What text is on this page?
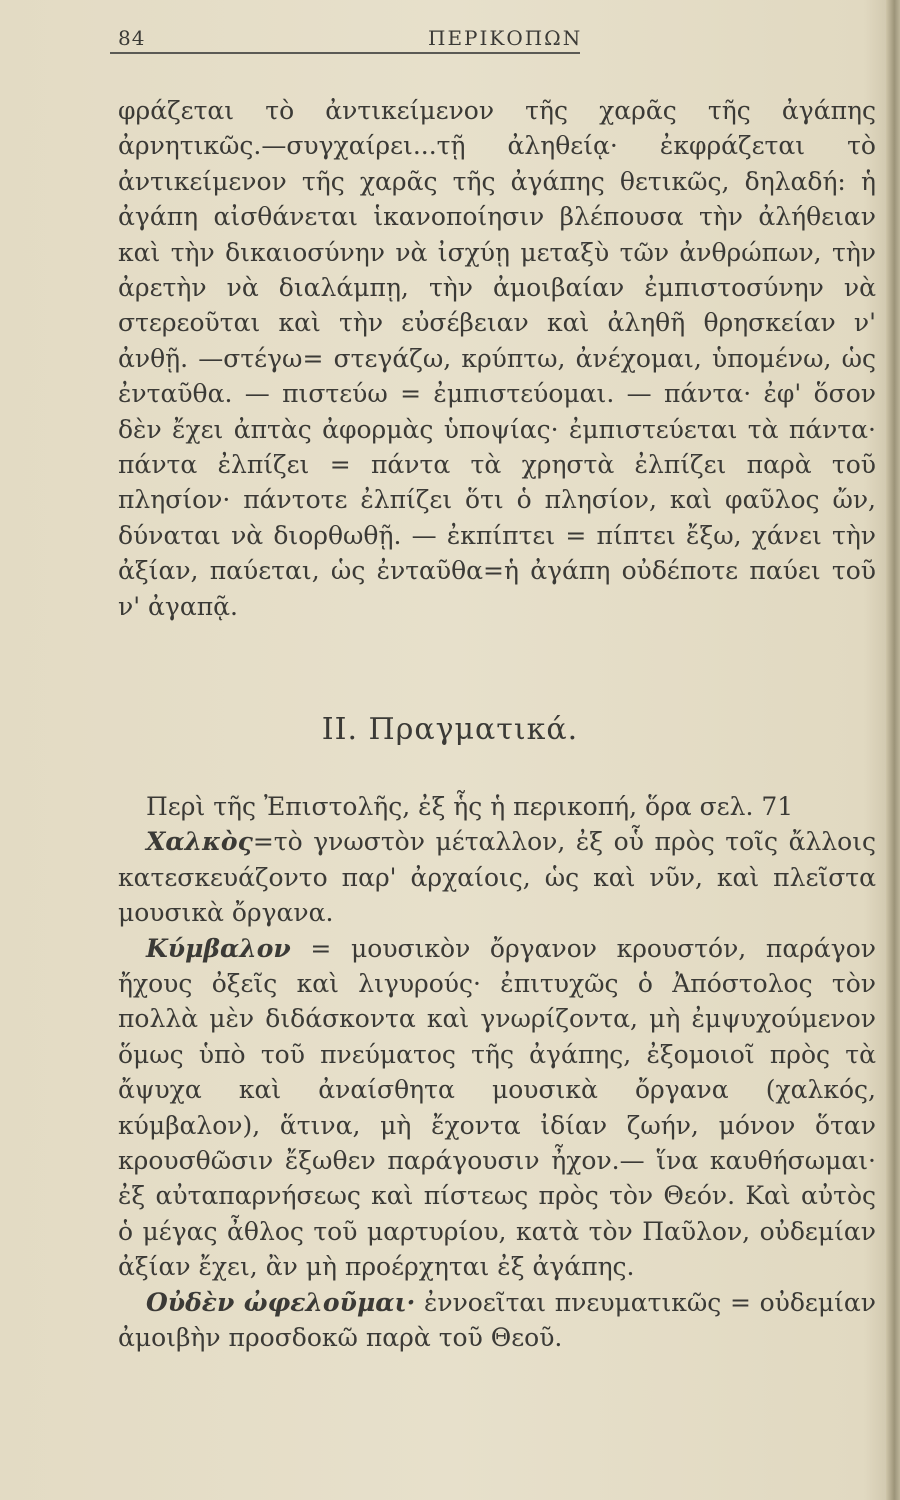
84	ΠΕΡΙΚΟΠΩΝ

φράζεται τὸ ἀντικείμενον τῆς χαρᾶς τῆς ἀγάπης ἀρνητικῶς.—συγχαίρει...τῇ ἀληθείᾳ· ἐκφράζεται τὸ ἀντικείμενον τῆς χαρᾶς τῆς ἀγάπης θετικῶς, δηλαδή: ἡ ἀγάπη αἰσθάνεται ἱκανοποίησιν βλέπουσα τὴν ἀλήθειαν καὶ τὴν δικαιοσύνην νὰ ἰσχύῃ μεταξὺ τῶν ἀνθρώπων, τὴν ἀρετὴν νὰ διαλάμπῃ, τὴν ἀμοιβαίαν ἐμπιστοσύνην νὰ στερεοῦται καὶ τὴν εὐσέβειαν καὶ ἀληθῆ θρησκείαν ν' ἀνθῇ. —στέγω= στεγάζω, κρύπτω, ἀνέχομαι, ὑπομένω, ὡς ἐνταῦθα. — πιστεύω = ἐμπιστεύομαι. — πάντα· ἐφ' ὅσον δὲν ἔχει ἀπτὰς ἀφορμὰς ὑποψίας· ἐμπιστεύεται τὰ πάντα· πάντα ἐλπίζει = πάντα τὰ χρηστὰ ἐλπίζει παρὰ τοῦ πλησίον· πάντοτε ἐλπίζει ὅτι ὁ πλησίον, καὶ φαῦλος ὤν, δύναται νὰ διορθωθῇ. — ἐκπίπτει = πίπτει ἔξω, χάνει τὴν ἀξίαν, παύεται, ὡς ἐνταῦθα=ἡ ἀγάπη οὐδέποτε παύει τοῦ ν' ἀγαπᾷ.

ΙΙ. Πραγματικά.

Περὶ τῆς Ἐπιστολῆς, ἐξ ἧς ἡ περικοπή, ὅρα σελ. 71

Χαλκὸς=τὸ γνωστὸν μέταλλον, ἐξ οὗ πρὸς τοῖς ἄλλοις κατεσκευάζοντο παρ' ἀρχαίοις, ὡς καὶ νῦν, καὶ πλεῖστα μουσικὰ ὄργανα.

Κύμβαλον = μουσικὸν ὄργανον κρουστόν, παράγον ἤχους ὀξεῖς καὶ λιγυρούς· ἐπιτυχῶς ὁ Ἀπόστολος τὸν πολλὰ μὲν διδάσκοντα καὶ γνωρίζοντα, μὴ ἐμψυχούμενον ὅμως ὑπὸ τοῦ πνεύματος τῆς ἀγάπης, ἐξομοιοῖ πρὸς τὰ ἄψυχα καὶ ἀναίσθητα μουσικὰ ὄργανα (χαλκός, κύμβαλον), ἅτινα, μὴ ἔχοντα ἰδίαν ζωήν, μόνον ὅταν κρουσθῶσιν ἔξωθεν παράγουσιν ἦχον.— ἵνα καυθήσωμαι· ἐξ αὐταπαρνήσεως καὶ πίστεως πρὸς τὸν Θεόν. Καὶ αὐτὸς ὁ μέγας ἆθλος τοῦ μαρτυρίου, κατὰ τὸν Παῦλον, οὐδεμίαν ἀξίαν ἔχει, ἂν μὴ προέρχηται ἐξ ἀγάπης.

Οὐδὲν ὠφελοῦμαι· ἐννοεῖται πνευματικῶς = οὐδεμίαν ἀμοιβὴν προσδοκῶ παρὰ τοῦ Θεοῦ.
